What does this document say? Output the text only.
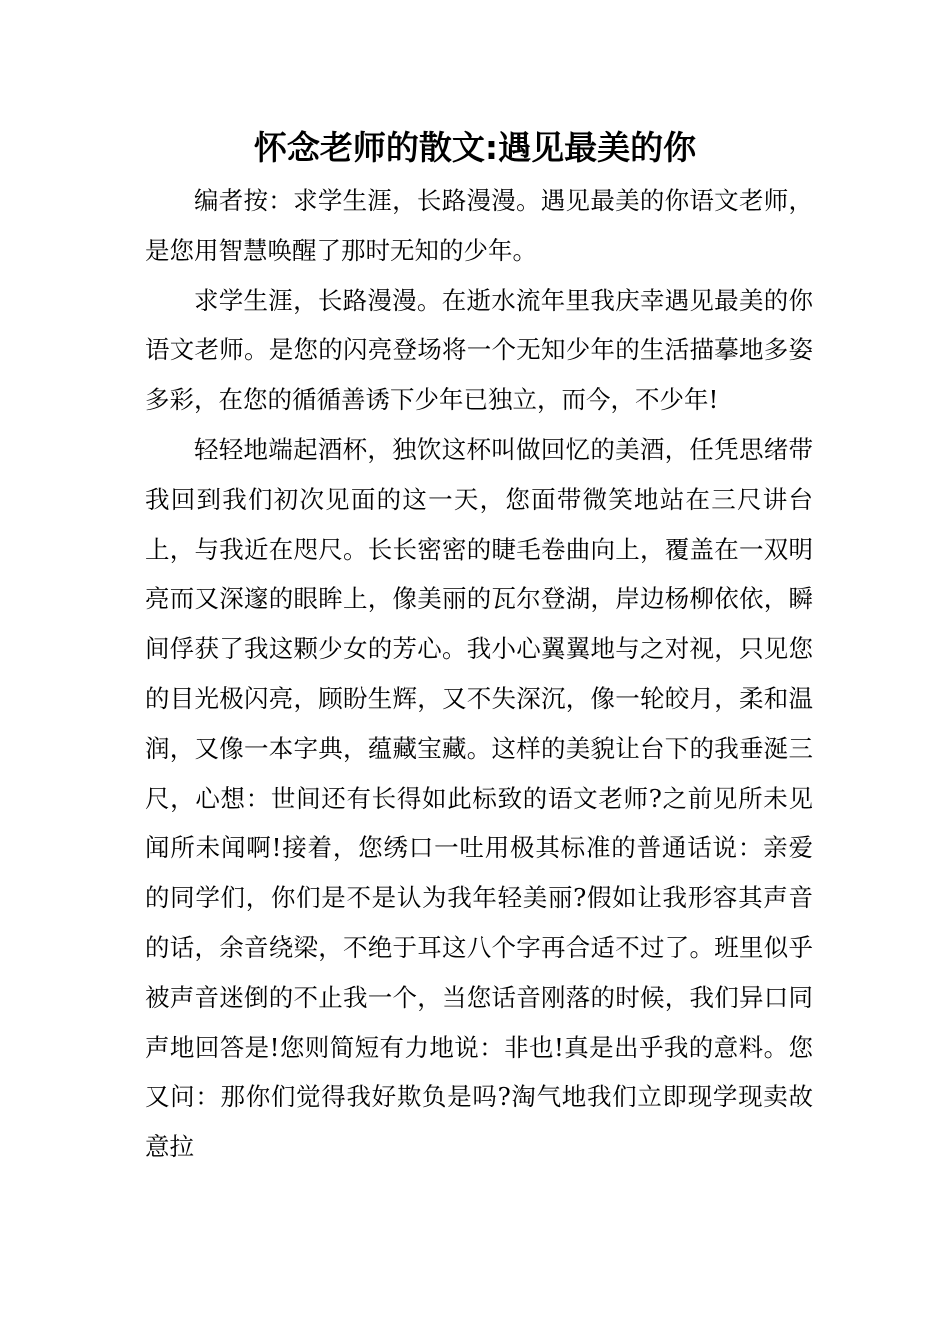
怀念老师的散文:遇见最美的你

编者按：求学生涯，长路漫漫。遇见最美的你语文老师，是您用智慧唤醒了那时无知的少年。

求学生涯，长路漫漫。在逝水流年里我庆幸遇见最美的你语文老师。是您的闪亮登场将一个无知少年的生活描摹地多姿多彩，在您的循循善诱下少年已独立，而今，不少年!

轻轻地端起酒杯，独饮这杯叫做回忆的美酒，任凭思绪带我回到我们初次见面的这一天，您面带微笑地站在三尺讲台上，与我近在咫尺。长长密密的睫毛卷曲向上，覆盖在一双明亮而又深邃的眼眸上，像美丽的瓦尔登湖，岸边杨柳依依，瞬间俘获了我这颗少女的芳心。我小心翼翼地与之对视，只见您的目光极闪亮，顾盼生辉，又不失深沉，像一轮皎月，柔和温润，又像一本字典，蕴藏宝藏。这样的美貌让台下的我垂涎三尺，心想：世间还有长得如此标致的语文老师?之前见所未见闻所未闻啊!接着，您绣口一吐用极其标准的普通话说：亲爱的同学们，你们是不是认为我年轻美丽?假如让我形容其声音的话，余音绕梁，不绝于耳这八个字再合适不过了。班里似乎被声音迷倒的不止我一个，当您话音刚落的时候，我们异口同声地回答是!您则简短有力地说：非也!真是出乎我的意料。您又问：那你们觉得我好欺负是吗?淘气地我们立即现学现卖故意拉
